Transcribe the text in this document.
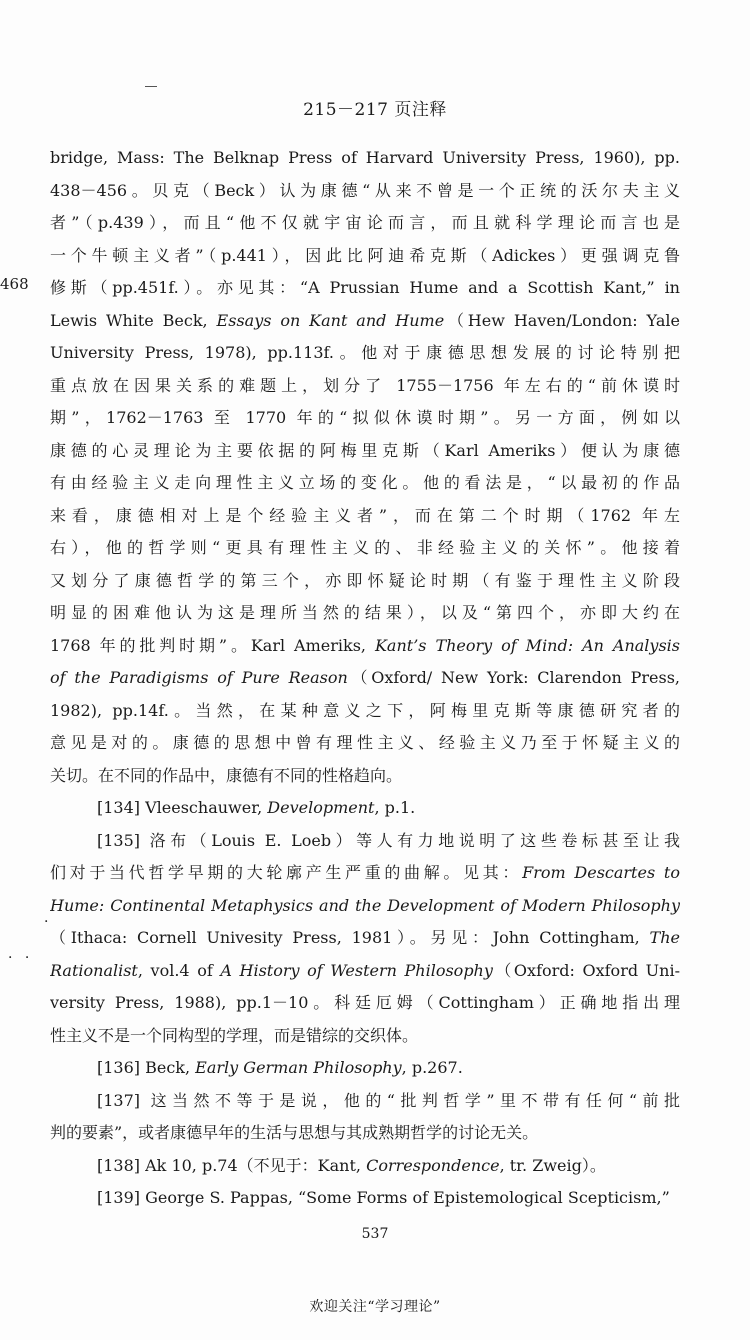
215－217 页注释
468
·
· ·
bridge, Mass: The Belknap Press of Harvard University Press, 1960), pp.
438－456。贝克（Beck）认为康德“从来不曾是一个正统的沃尔夫主义
者”（p.439），而且“他不仅就宇宙论而言，而且就科学理论而言也是
一个牛顿主义者”（p.441），因此比阿迪希克斯（Adickes）更强调克鲁
修斯（pp.451f.）。亦见其：“A Prussian Hume and a Scottish Kant,” in
Lewis White Beck, Essays on Kant and Hume（Hew Haven/London: Yale
University Press, 1978), pp.113f.。他对于康德思想发展的讨论特别把
重点放在因果关系的难题上，划分了 1755－1756 年左右的“前休谟时
期”，1762－1763 至 1770 年的“拟似休谟时期”。另一方面，例如以
康德的心灵理论为主要依据的阿梅里克斯（Karl Ameriks）便认为康德
有由经验主义走向理性主义立场的变化。他的看法是，“以最初的作品
来看，康德相对上是个经验主义者”，而在第二个时期（1762 年左
右），他的哲学则“更具有理性主义的、非经验主义的关怀”。他接着
又划分了康德哲学的第三个，亦即怀疑论时期（有鉴于理性主义阶段
明显的困难他认为这是理所当然的结果），以及“第四个，亦即大约在
1768 年的批判时期”。Karl Ameriks, Kant’s Theory of Mind: An Analysis
of the Paradigisms of Pure Reason（Oxford/ New York: Clarendon Press,
1982), pp.14f.。当然，在某种意义之下，阿梅里克斯等康德研究者的
意见是对的。康德的思想中曾有理性主义、经验主义乃至于怀疑主义的
关切。在不同的作品中，康德有不同的性格趋向。
[134] Vleeschauwer, Development, p.1.
[135] 洛布（Louis E. Loeb）等人有力地说明了这些卷标甚至让我
们对于当代哲学早期的大轮廓产生严重的曲解。见其：From Descartes to
Hume: Continental Metaphysics and the Development of Modern Philosophy
（Ithaca: Cornell Univesity Press, 1981）。另见：John Cottingham, The
Rationalist, vol.4 of A History of Western Philosophy（Oxford: Oxford Uni-
versity Press, 1988), pp.1－10。科廷厄姆（Cottingham）正确地指出理
性主义不是一个同构型的学理，而是错综的交织体。
[136] Beck, Early German Philosophy, p.267.
[137] 这当然不等于是说，他的“批判哲学”里不带有任何“前批
判的要素”，或者康德早年的生活与思想与其成熟期哲学的讨论无关。
[138] Ak 10, p.74（不见于：Kant, Correspondence, tr. Zweig）。
[139] George S. Pappas, “Some Forms of Epistemological Scepticism,”
537
欢迎关注“学习理论”
